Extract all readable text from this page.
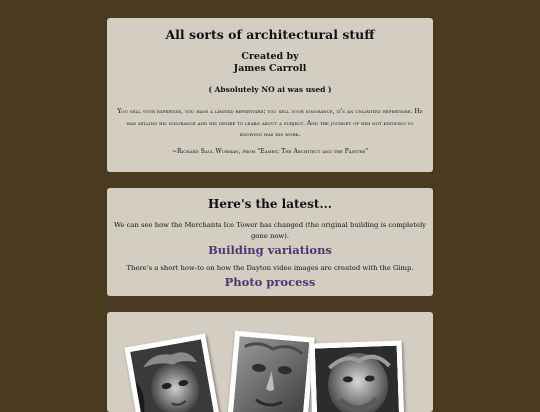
All sorts of architectural stuff
Created by
James Carroll
( Absolutely NO ai was used )
You sell your expertise, you have a limited repertoire; you sell your ignorance, it's an unlimited repertoire. He was selling his ignorance and his desire to learn about a subject. And the journey of him not knowing to knowing was his work.
~Richard Saul Wurman, from "Eames: The Architect and the Painter"
Here's the latest...
We can see how the Merchants Ice Tower has changed (the original building is completely gone now).
Building variations
There's a short how-to on how the Dayton video images are created with the Gimp.
Photo process
